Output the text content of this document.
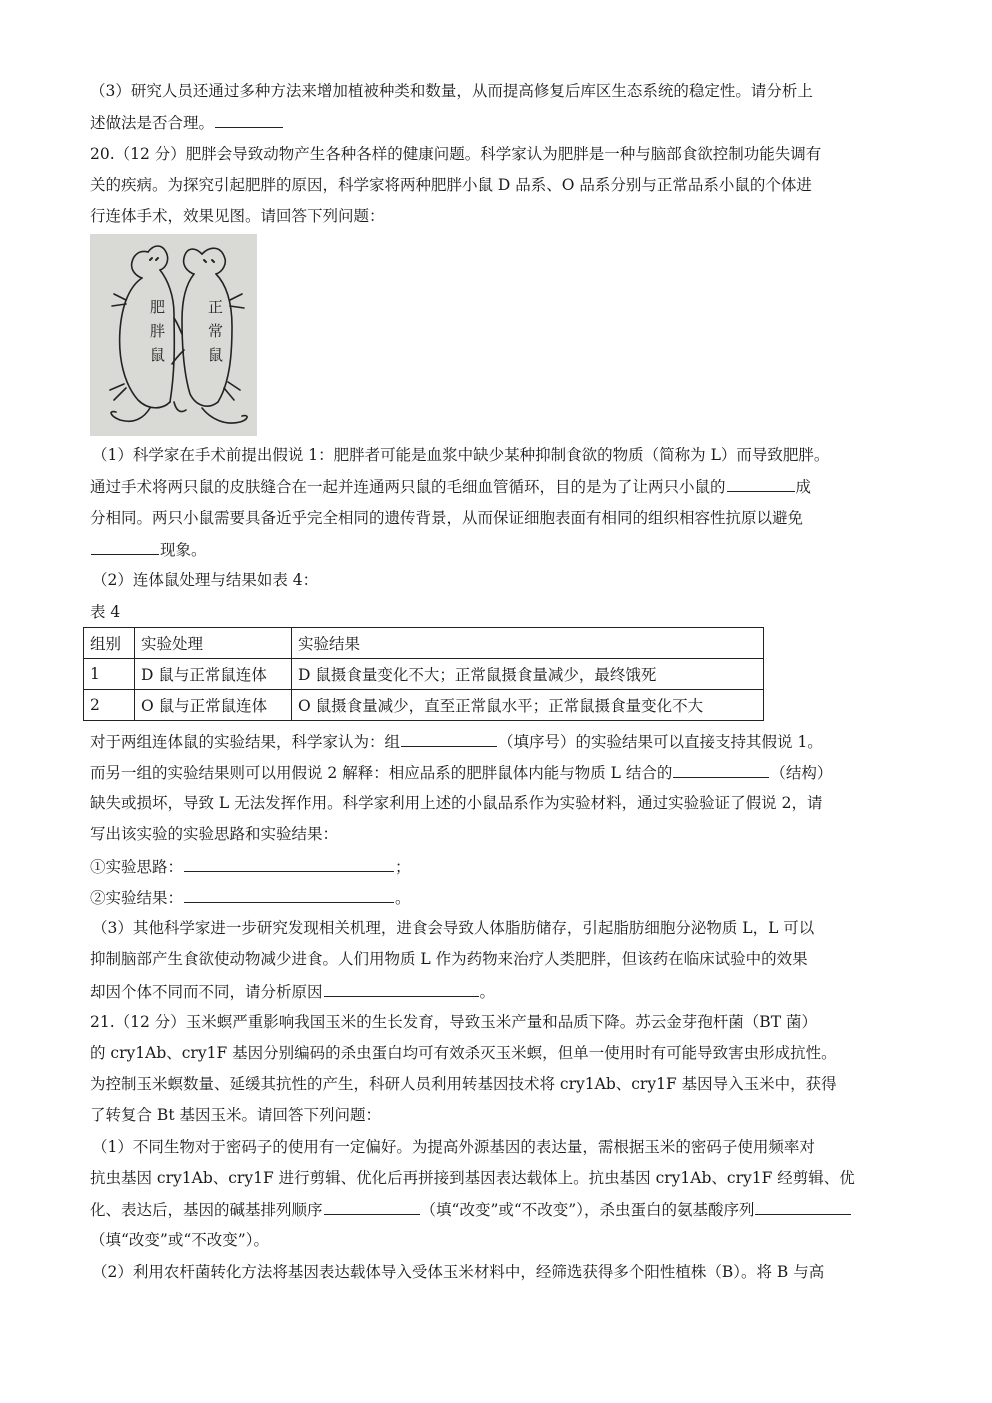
（3）研究人员还通过多种方法来增加植被种类和数量，从而提高修复后库区生态系统的稳定性。请分析上
述做法是否合理。
20.（12 分）肥胖会导致动物产生各种各样的健康问题。科学家认为肥胖是一种与脑部食欲控制功能失调有
关的疾病。为探究引起肥胖的原因，科学家将两种肥胖小鼠 D 品系、O 品系分别与正常品系小鼠的个体进
行连体手术，效果见图。请回答下列问题：
肥	正
胖	常
鼠	鼠
（1）科学家在手术前提出假说 1：肥胖者可能是血浆中缺少某种抑制食欲的物质（简称为 L）而导致肥胖。
通过手术将两只鼠的皮肤缝合在一起并连通两只鼠的毛细血管循环，目的是为了让两只小鼠的	成
分相同。两只小鼠需要具备近乎完全相同的遗传背景，从而保证细胞表面有相同的组织相容性抗原以避免
现象。
（2）连体鼠处理与结果如表 4：
表 4
组别	实验处理	实验结果
1	D 鼠与正常鼠连体	D 鼠摄食量变化不大；正常鼠摄食量减少，最终饿死
2	O 鼠与正常鼠连体	O 鼠摄食量减少，直至正常鼠水平；正常鼠摄食量变化不大
对于两组连体鼠的实验结果，科学家认为：组	（填序号）的实验结果可以直接支持其假说 1。
而另一组的实验结果则可以用假说 2 解释：相应品系的肥胖鼠体内能与物质 L 结合的	（结构）
缺失或损坏，导致 L 无法发挥作用。科学家利用上述的小鼠品系作为实验材料，通过实验验证了假说 2，请
写出该实验的实验思路和实验结果：
①实验思路：	；
②实验结果：	。
（3）其他科学家进一步研究发现相关机理，进食会导致人体脂肪储存，引起脂肪细胞分泌物质 L，L 可以
抑制脑部产生食欲使动物减少进食。人们用物质 L 作为药物来治疗人类肥胖，但该药在临床试验中的效果
却因个体不同而不同，请分析原因	。
21.（12 分）玉米螟严重影响我国玉米的生长发育，导致玉米产量和品质下降。苏云金芽孢杆菌（BT 菌）
的 cry1Ab、cry1F 基因分别编码的杀虫蛋白均可有效杀灭玉米螟，但单一使用时有可能导致害虫形成抗性。
为控制玉米螟数量、延缓其抗性的产生，科研人员利用转基因技术将 cry1Ab、cry1F 基因导入玉米中，获得
了转复合 Bt 基因玉米。请回答下列问题：
（1）不同生物对于密码子的使用有一定偏好。为提高外源基因的表达量，需根据玉米的密码子使用频率对
抗虫基因 cry1Ab、cry1F 进行剪辑、优化后再拼接到基因表达载体上。抗虫基因 cry1Ab、cry1F 经剪辑、优
化、表达后，基因的碱基排列顺序	（填“改变”或“不改变”），杀虫蛋白的氨基酸序列
（填“改变”或“不改变”）。
（2）利用农杆菌转化方法将基因表达载体导入受体玉米材料中，经筛选获得多个阳性植株（B）。将 B 与高
